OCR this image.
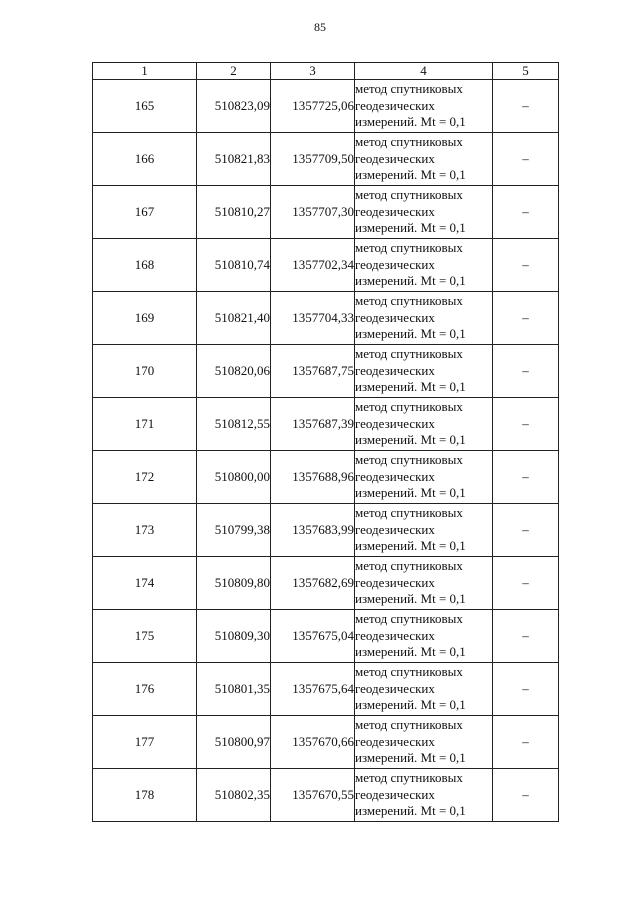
85
1	2	3	4	5
165	510823,09	1357725,06	метод спутниковых
геодезических
измерений. Mt = 0,1	–
166	510821,83	1357709,50	метод спутниковых
геодезических
измерений. Mt = 0,1	–
167	510810,27	1357707,30	метод спутниковых
геодезических
измерений. Mt = 0,1	–
168	510810,74	1357702,34	метод спутниковых
геодезических
измерений. Mt = 0,1	–
169	510821,40	1357704,33	метод спутниковых
геодезических
измерений. Mt = 0,1	–
170	510820,06	1357687,75	метод спутниковых
геодезических
измерений. Mt = 0,1	–
171	510812,55	1357687,39	метод спутниковых
геодезических
измерений. Mt = 0,1	–
172	510800,00	1357688,96	метод спутниковых
геодезических
измерений. Mt = 0,1	–
173	510799,38	1357683,99	метод спутниковых
геодезических
измерений. Mt = 0,1	–
174	510809,80	1357682,69	метод спутниковых
геодезических
измерений. Mt = 0,1	–
175	510809,30	1357675,04	метод спутниковых
геодезических
измерений. Mt = 0,1	–
176	510801,35	1357675,64	метод спутниковых
геодезических
измерений. Mt = 0,1	–
177	510800,97	1357670,66	метод спутниковых
геодезических
измерений. Mt = 0,1	–
178	510802,35	1357670,55	метод спутниковых
геодезических
измерений. Mt = 0,1	–
